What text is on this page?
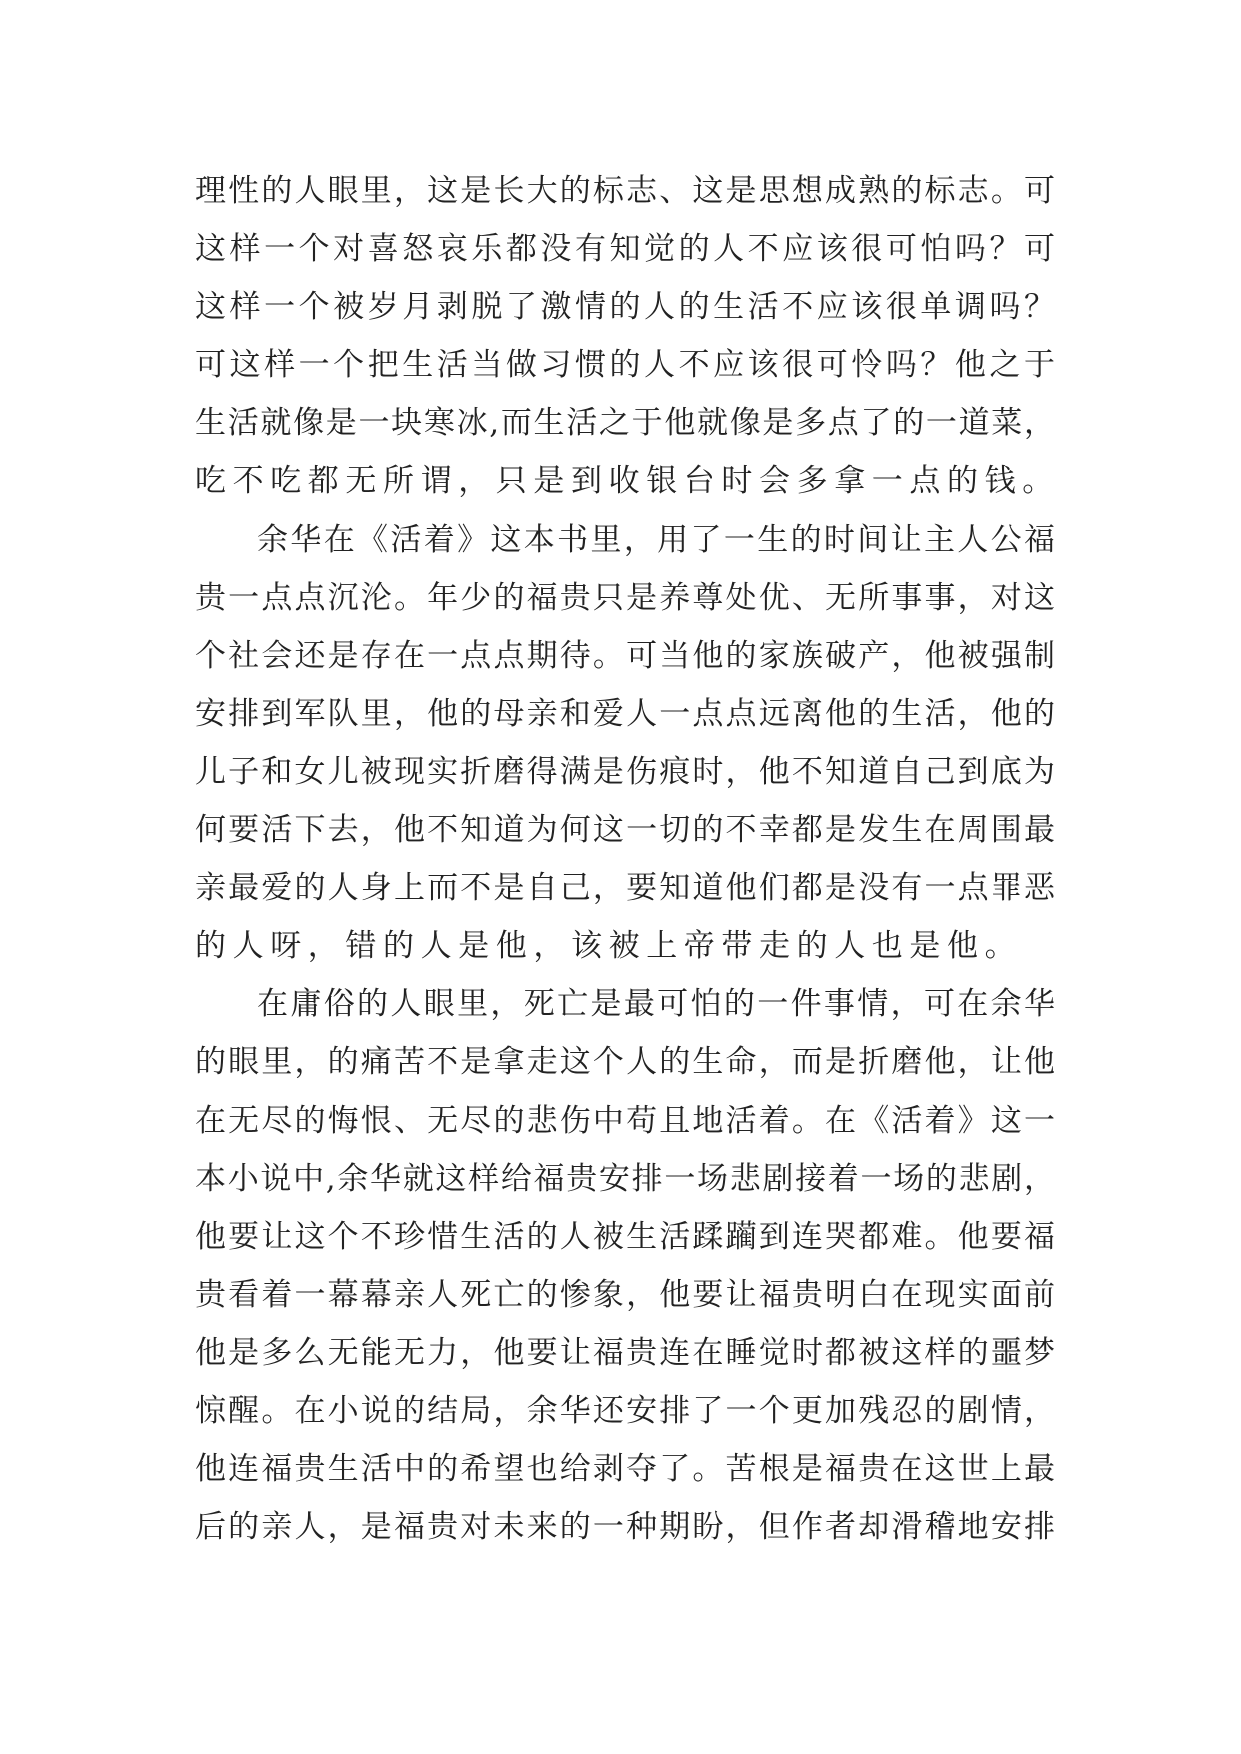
理性的人眼里，这是长大的标志、这是思想成熟的标志。可
这样一个对喜怒哀乐都没有知觉的人不应该很可怕吗？可
这样一个被岁月剥脱了激情的人的生活不应该很单调吗？
可这样一个把生活当做习惯的人不应该很可怜吗？他之于
生活就像是一块寒冰,而生活之于他就像是多点了的一道菜，
吃不吃都无所谓，只是到收银台时会多拿一点的钱。
余华在《活着》这本书里，用了一生的时间让主人公福
贵一点点沉沦。年少的福贵只是养尊处优、无所事事，对这
个社会还是存在一点点期待。可当他的家族破产，他被强制
安排到军队里，他的母亲和爱人一点点远离他的生活，他的
儿子和女儿被现实折磨得满是伤痕时，他不知道自己到底为
何要活下去，他不知道为何这一切的不幸都是发生在周围最
亲最爱的人身上而不是自己，要知道他们都是没有一点罪恶
的人呀，错的人是他，该被上帝带走的人也是他。
在庸俗的人眼里，死亡是最可怕的一件事情，可在余华
的眼里，的痛苦不是拿走这个人的生命，而是折磨他，让他
在无尽的悔恨、无尽的悲伤中苟且地活着。在《活着》这一
本小说中,余华就这样给福贵安排一场悲剧接着一场的悲剧，
他要让这个不珍惜生活的人被生活蹂躏到连哭都难。他要福
贵看着一幕幕亲人死亡的惨象，他要让福贵明白在现实面前
他是多么无能无力，他要让福贵连在睡觉时都被这样的噩梦
惊醒。在小说的结局，余华还安排了一个更加残忍的剧情，
他连福贵生活中的希望也给剥夺了。苦根是福贵在这世上最
后的亲人，是福贵对未来的一种期盼，但作者却滑稽地安排
